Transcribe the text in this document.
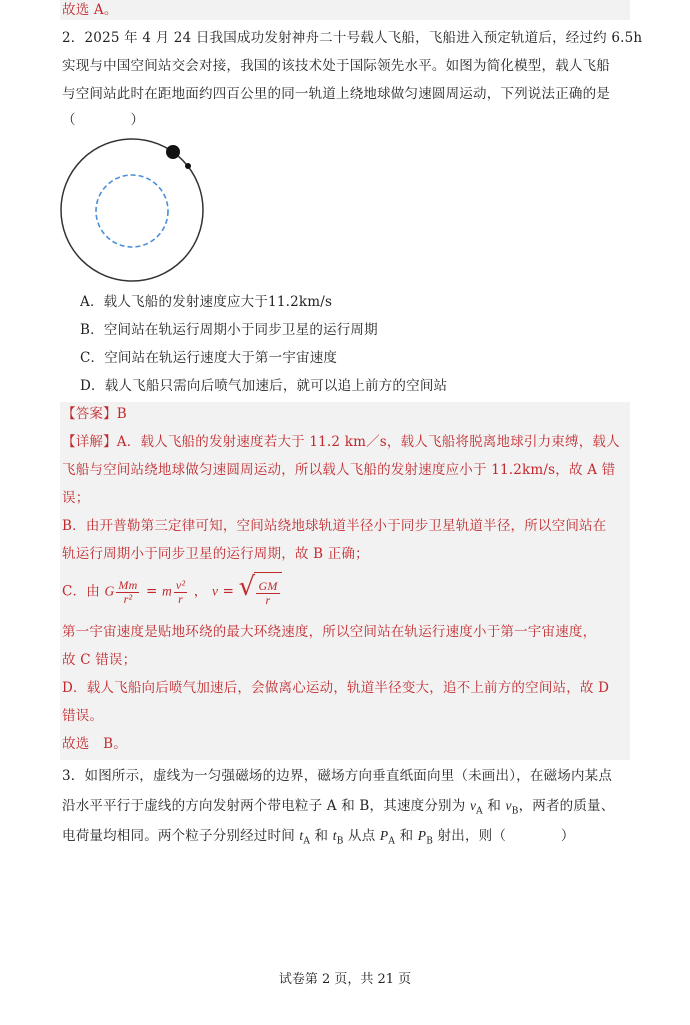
故选 A。
2．2025 年 4 月 24 日我国成功发射神舟二十号载人飞船，飞船进入预定轨道后，经过约 6.5h
实现与中国空间站交会对接，我国的该技术处于国际领先水平。如图为简化模型，载人飞船
与空间站此时在距地面约四百公里的同一轨道上绕地球做匀速圆周运动，下列说法正确的是
（　　　　）
A．载人飞船的发射速度应大于11.2km/s
B．空间站在轨运行周期小于同步卫星的运行周期
C．空间站在轨运行速度大于第一宇宙速度
D．载人飞船只需向后喷气加速后，就可以追上前方的空间站
【答案】B
【详解】A．载人飞船的发射速度若大于 11.2 km／s，载人飞船将脱离地球引力束缚，载人
飞船与空间站绕地球做匀速圆周运动，所以载人飞船的发射速度应小于 11.2km/s，故 A 错
误；
B．由开普勒第三定律可知，空间站绕地球轨道半径小于同步卫星轨道半径，所以空间站在
轨运行周期小于同步卫星的运行周期，故 B 正确；
C．由 G $\frac{Mm}{\text{r²}} = m \frac{\text{v²}}{r}$ ， v = √ $\frac{GM}{r}$
第一宇宙速度是贴地环绕的最大环绕速度，所以空间站在轨运行速度小于第一宇宙速度，
故 C 错误；
D．载人飞船向后喷气加速后，会做离心运动，轨道半径变大，追不上前方的空间站，故 D
错误。
故选　B。
3．如图所示，虚线为一匀强磁场的边界，磁场方向垂直纸面向里（未画出），在磁场内某点
沿水平平行于虚线的方向发射两个带电粒子 A 和 B，其速度分别为 $v_A$ 和 $v_B$，两者的质量、
电荷量均相同。两个粒子分别经过时间 $t_A$ 和 $t_B$ 从点 $P_A$ 和 $P_B$ 射出，则（　　　　）
试卷第 2 页，共 21 页
